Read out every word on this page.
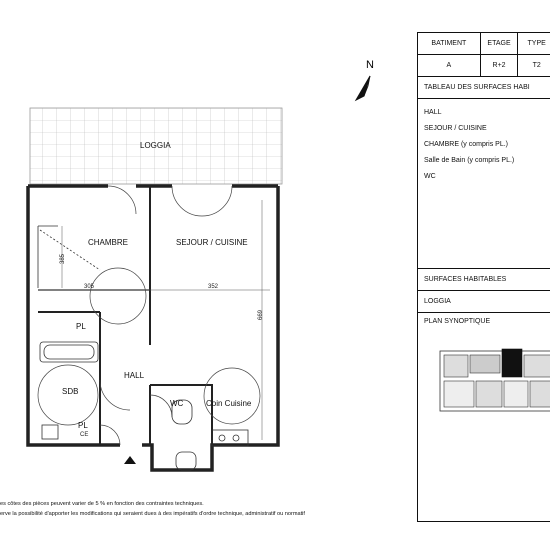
LOGGIA
305	352
385
669
CHAMBRE	SEJOUR / CUISINE
PL
SDB
HALL
WC	Coin Cuisine
PL
CE
N
es côtes des pièces peuvent varier de 5 % en fonction des contraintes techniques.
erve la possibilité d'apporter les modifications qui seraient dues à des impératifs d'ordre technique, administratif ou normatif
BATIMENT	ETAGE	TYPE
A	R+2	T2
TABLEAU DES SURFACES HABI
HALL
SEJOUR / CUISINE
CHAMBRE (y compris PL.)
Salle de Bain (y compris PL.)
WC
SURFACES HABITABLES
LOGGIA
PLAN SYNOPTIQUE
